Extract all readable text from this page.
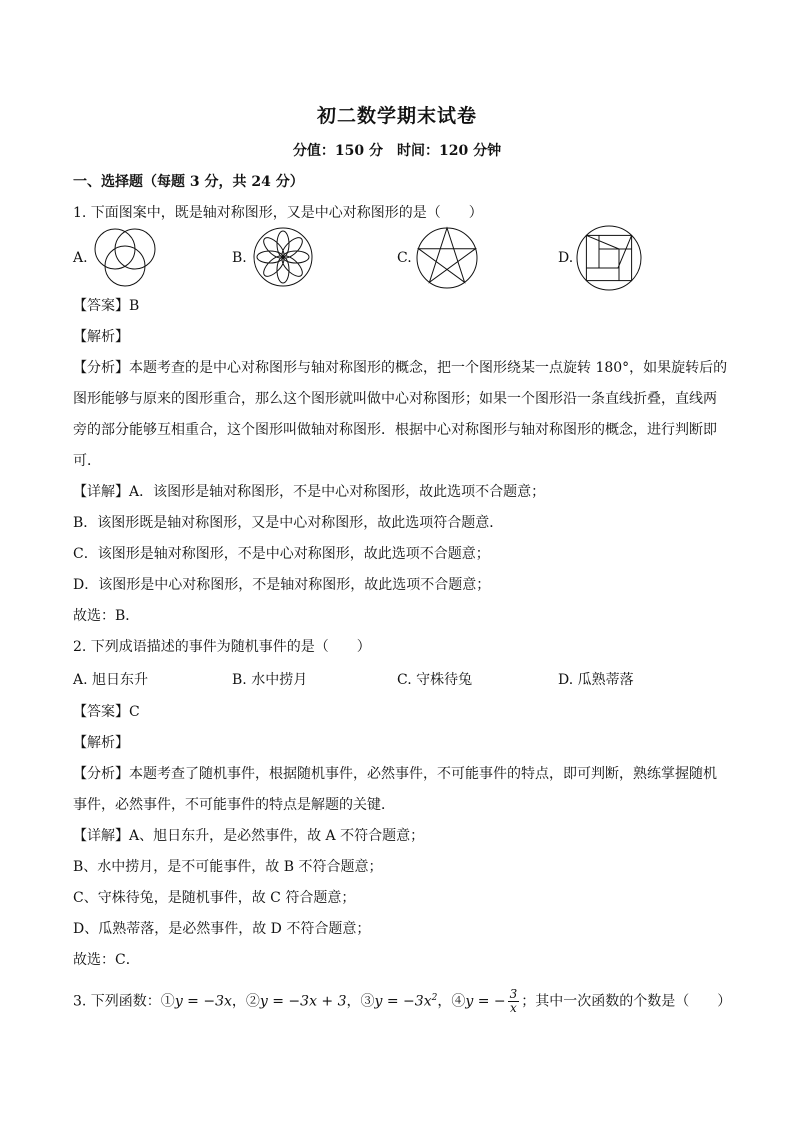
初二数学期末试卷
分值：150 分　时间：120 分钟
一、选择题（每题 3 分，共 24 分）
1. 下面图案中，既是轴对称图形，又是中心对称图形的是（　　）
A.	B.	C.	D.
【答案】B
【解析】
【分析】本题考查的是中心对称图形与轴对称图形的概念，把一个图形绕某一点旋转 180°，如果旋转后的
图形能够与原来的图形重合，那么这个图形就叫做中心对称图形；如果一个图形沿一条直线折叠，直线两
旁的部分能够互相重合，这个图形叫做轴对称图形．根据中心对称图形与轴对称图形的概念，进行判断即
可．
【详解】A．该图形是轴对称图形，不是中心对称图形，故此选项不合题意；
B．该图形既是轴对称图形，又是中心对称图形，故此选项符合题意．
C．该图形是轴对称图形，不是中心对称图形，故此选项不合题意；
D．该图形是中心对称图形，不是轴对称图形，故此选项不合题意；
故选：B．
2. 下列成语描述的事件为随机事件的是（　　）
A. 旭日东升	B. 水中捞月	C. 守株待兔	D. 瓜熟蒂落
【答案】C
【解析】
【分析】本题考查了随机事件，根据随机事件，必然事件，不可能事件的特点，即可判断，熟练掌握随机
事件，必然事件，不可能事件的特点是解题的关键．
【详解】A、旭日东升，是必然事件，故 A 不符合题意；
B、水中捞月，是不可能事件，故 B 不符合题意；
C、守株待兔，是随机事件，故 C 符合题意；
D、瓜熟蒂落，是必然事件，故 D 不符合题意；
故选：C．
3. 下列函数：①y = −3x，②y = −3x + 3，③y = $-3x^2$，④y = − $\frac{3}{x}$ ；其中一次函数的个数是（　　）
